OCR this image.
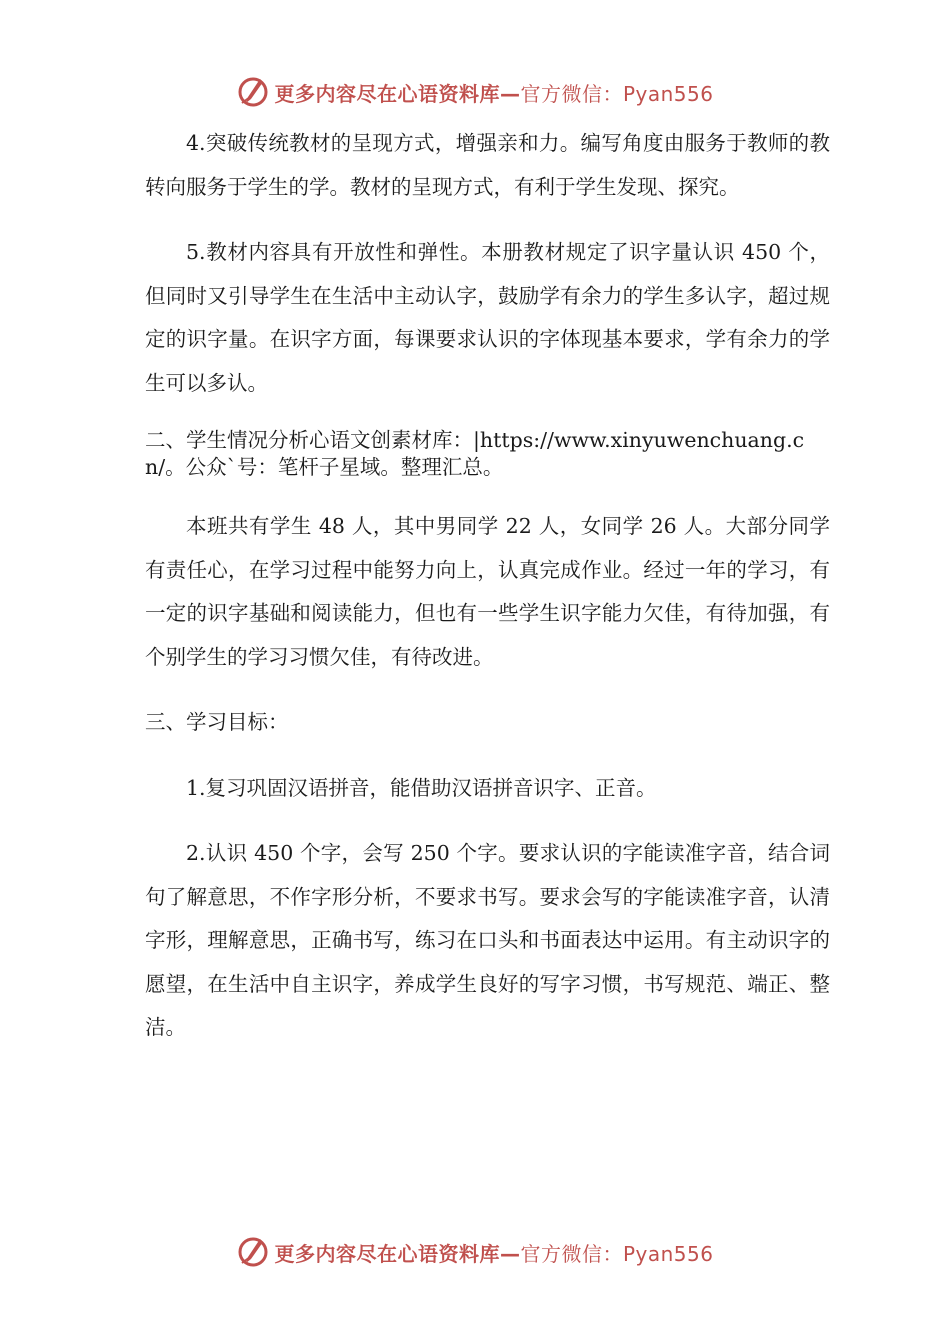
更多内容尽在心语资料库—官方微信：Pyan556

4.突破传统教材的呈现方式，增强亲和力。编写角度由服务于教师的教转向服务于学生的学。教材的呈现方式，有利于学生发现、探究。

5.教材内容具有开放性和弹性。本册教材规定了识字量认识 450 个，但同时又引导学生在生活中主动认字，鼓励学有余力的学生多认字，超过规定的识字量。在识字方面，每课要求认识的字体现基本要求，学有余力的学生可以多认。

二、学生情况分析心语文创素材库：|https://www.xinyuwenchuang.cn/。公众`号：笔杆子星域。整理汇总。

本班共有学生 48 人，其中男同学 22 人，女同学 26 人。大部分同学有责任心，在学习过程中能努力向上，认真完成作业。经过一年的学习，有一定的识字基础和阅读能力，但也有一些学生识字能力欠佳，有待加强，有个别学生的学习习惯欠佳，有待改进。

三、学习目标：

1.复习巩固汉语拼音，能借助汉语拼音识字、正音。

2.认识 450 个字，会写 250 个字。要求认识的字能读准字音，结合词句了解意思，不作字形分析，不要求书写。要求会写的字能读准字音，认清字形，理解意思，正确书写，练习在口头和书面表达中运用。有主动识字的愿望，在生活中自主识字，养成学生良好的写字习惯，书写规范、端正、整洁。

更多内容尽在心语资料库—官方微信：Pyan556
